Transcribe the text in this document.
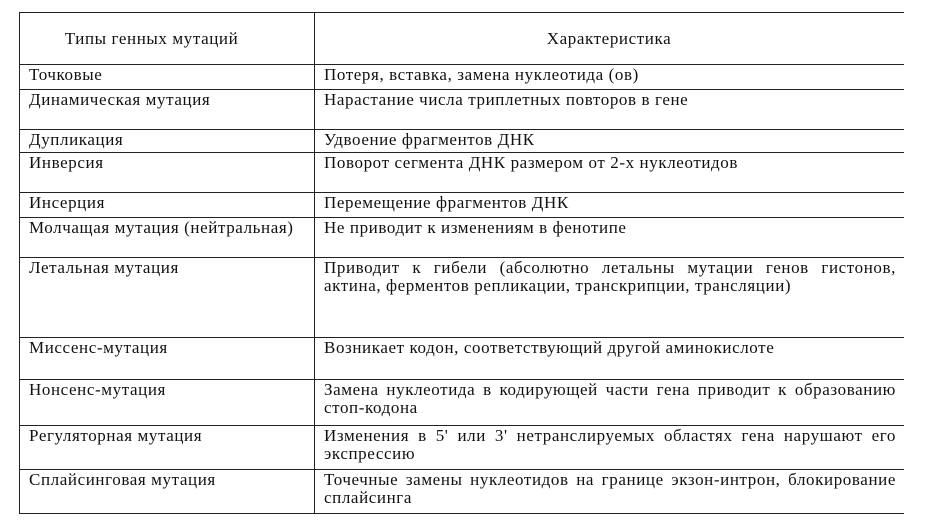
Типы генных мутаций	Характеристика
Точковые	Потеря, вставка, замена нуклеотида (ов)
Динамическая мутация	Нарастание числа триплетных повторов в гене
Дупликация	Удвоение фрагментов ДНК
Инверсия	Поворот сегмента ДНК размером от 2-х нуклеотидов
Инсерция	Перемещение фрагментов ДНК
Молчащая мутация (нейтральная)	Не приводит к изменениям в фенотипе
Летальная мутация	Приводит к гибели (абсолютно летальны мутации генов гистонов, актина, ферментов репликации, транскрипции, трансляции)
Миссенс-мутация	Возникает кодон, соответствующий другой аминокислоте
Нонсенс-мутация	Замена нуклеотида в кодирующей части гена приводит к образованию стоп-кодона
Регуляторная мутация	Изменения в 5' или 3' нетранслируемых областях гена нарушают его экспрессию
Сплайсинговая мутация	Точечные замены нуклеотидов на границе экзон-интрон, блокирование сплайсинга
